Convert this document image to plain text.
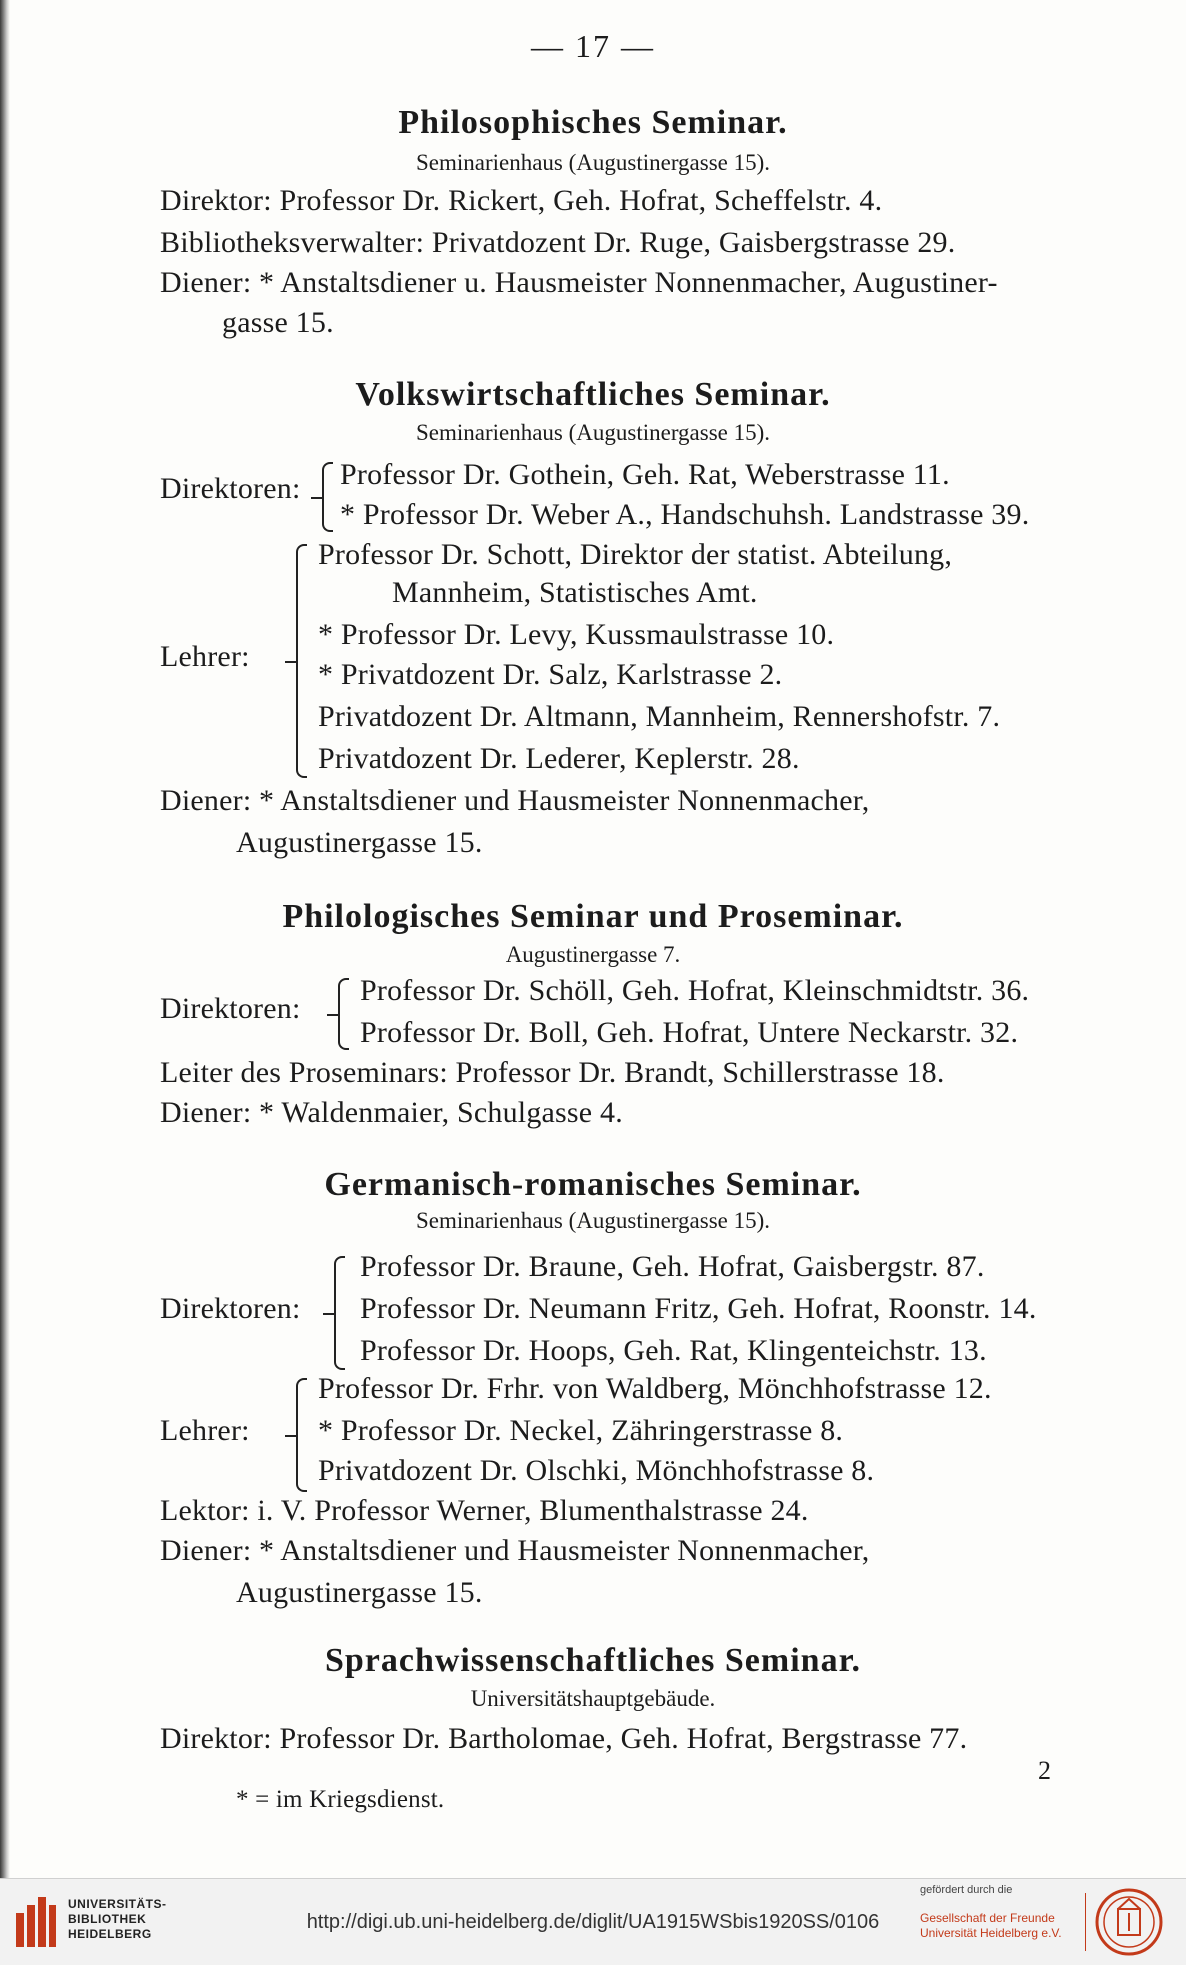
— 17 —
Philosophisches Seminar.
Seminarienhaus (Augustinergasse 15).
Direktor: Professor Dr. Rickert, Geh. Hofrat, Scheffelstr. 4.
Bibliotheksverwalter: Privatdozent Dr. Ruge, Gaisbergstrasse 29.
Diener: * Anstaltsdiener u. Hausmeister Nonnenmacher, Augustiner-
gasse 15.
Volkswirtschaftliches Seminar.
Seminarienhaus (Augustinergasse 15).
Direktoren: Professor Dr. Gothein, Geh. Rat, Weberstrasse 11.
* Professor Dr. Weber A., Handschuhsh. Landstrasse 39.
Lehrer:
Professor Dr. Schott, Direktor der statist. Abteilung,
Mannheim, Statistisches Amt.
* Professor Dr. Levy, Kussmaulstrasse 10.
* Privatdozent Dr. Salz, Karlstrasse 2.
Privatdozent Dr. Altmann, Mannheim, Rennershofstr. 7.
Privatdozent Dr. Lederer, Keplerstr. 28.
Diener: * Anstaltsdiener und Hausmeister Nonnenmacher,
Augustinergasse 15.
Philologisches Seminar und Proseminar.
Augustinergasse 7.
Direktoren:
Professor Dr. Schöll, Geh. Hofrat, Kleinschmidtstr. 36.
Professor Dr. Boll, Geh. Hofrat, Untere Neckarstr. 32.
Leiter des Proseminars: Professor Dr. Brandt, Schillerstrasse 18.
Diener: * Waldenmaier, Schulgasse 4.
Germanisch-romanisches Seminar.
Seminarienhaus (Augustinergasse 15).
Direktoren:
Professor Dr. Braune, Geh. Hofrat, Gaisbergstr. 87.
Professor Dr. Neumann Fritz, Geh. Hofrat, Roonstr. 14.
Professor Dr. Hoops, Geh. Rat, Klingenteichstr. 13.
Lehrer:
Professor Dr. Frhr. von Waldberg, Mönchhofstrasse 12.
* Professor Dr. Neckel, Zähringerstrasse 8.
Privatdozent Dr. Olschki, Mönchhofstrasse 8.
Lektor: i. V. Professor Werner, Blumenthalstrasse 24.
Diener: * Anstaltsdiener und Hausmeister Nonnenmacher,
Augustinergasse 15.
Sprachwissenschaftliches Seminar.
Universitätshauptgebäude.
Direktor: Professor Dr. Bartholomae, Geh. Hofrat, Bergstrasse 77.
2
* = im Kriegsdienst.
UNIVERSITÄTS-
BIBLIOTHEK
HEIDELBERG
http://digi.ub.uni-heidelberg.de/diglit/UA1915WSbis1920SS/0106
gefördert durch die
Gesellschaft der Freunde
Universität Heidelberg e.V.
